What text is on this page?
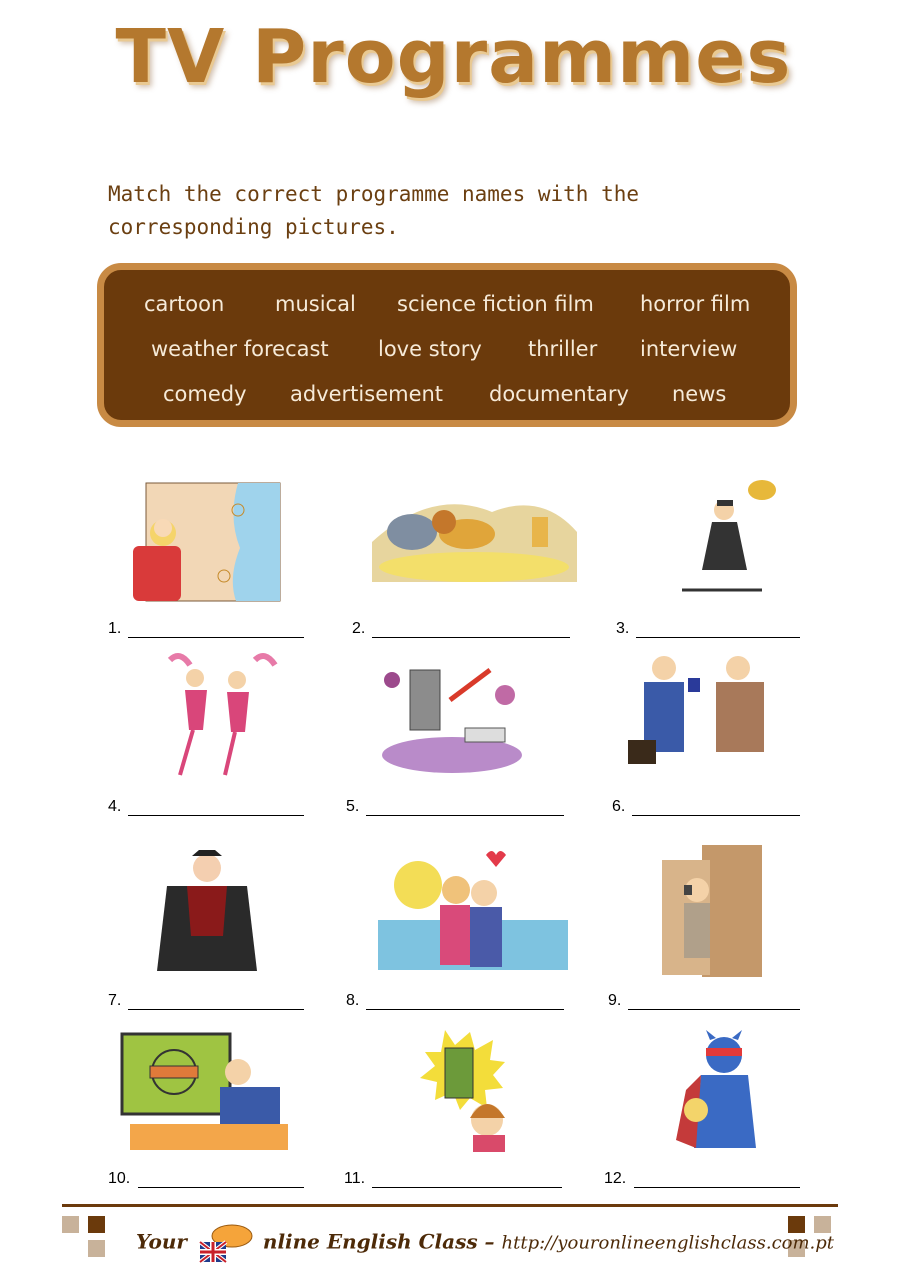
TV Programmes
Match the correct programme names with the corresponding pictures.
cartoon musical science fiction film horror film
weather forecast love story thriller interview
comedy advertisement documentary news
1.	2.	3.
4.	5.	6.
7.	8.	9.
10.	11.	12.
Your	nline English Class – http://youronlineenglishclass.com.pt
